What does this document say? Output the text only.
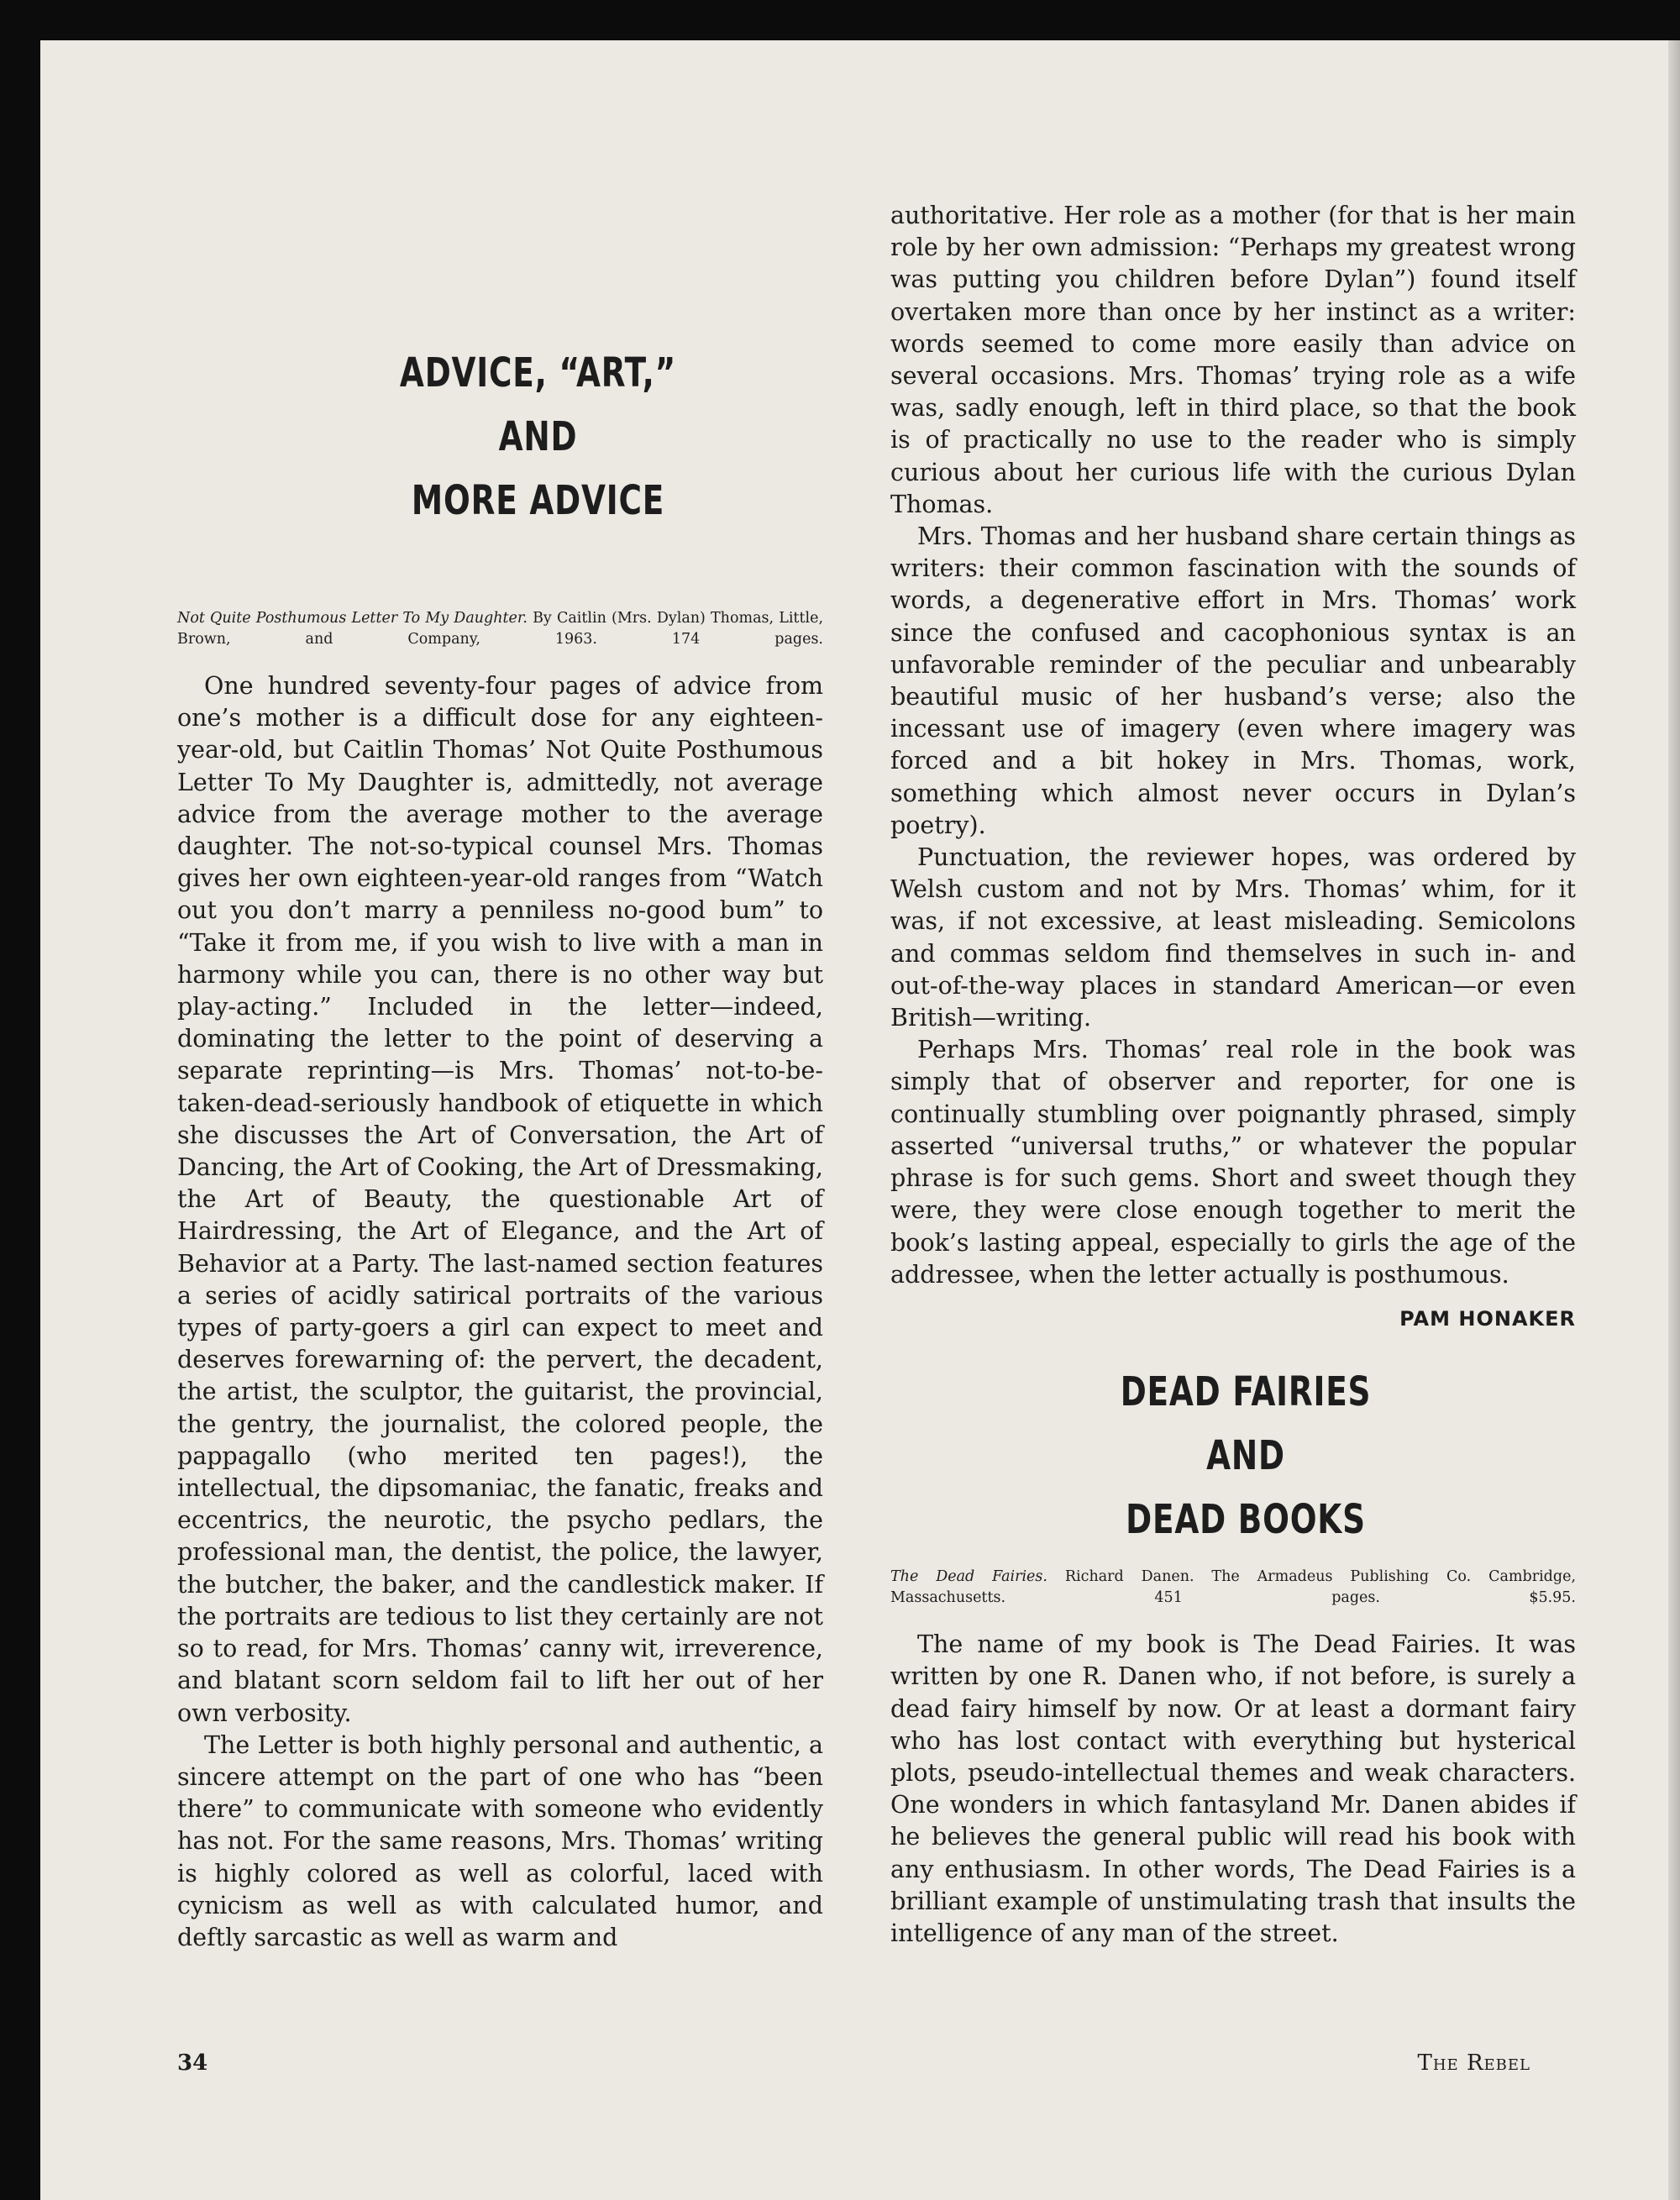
ADVICE, “ART,”
AND
MORE ADVICE
Not Quite Posthumous Letter To My Daughter. By Caitlin (Mrs. Dylan) Thomas, Little, Brown, and Company, 1963. 174 pages.

One hundred seventy-four pages of advice from one’s mother is a difficult dose for any eighteen-year-old, but Caitlin Thomas’ Not Quite Posthumous Letter To My Daughter is, admittedly, not average advice from the average mother to the average daughter. The not-so-typical counsel Mrs. Thomas gives her own eighteen-year-old ranges from “Watch out you don’t marry a penniless no-good bum” to “Take it from me, if you wish to live with a man in harmony while you can, there is no other way but play-acting.” Included in the letter—indeed, dominating the letter to the point of deserving a separate reprinting—is Mrs. Thomas’ not-to-be-taken-dead-seriously handbook of etiquette in which she discusses the Art of Conversation, the Art of Dancing, the Art of Cooking, the Art of Dressmaking, the Art of Beauty, the questionable Art of Hairdressing, the Art of Elegance, and the Art of Behavior at a Party. The last-named section features a series of acidly satirical portraits of the various types of party-goers a girl can expect to meet and deserves forewarning of: the pervert, the decadent, the artist, the sculptor, the guitarist, the provincial, the gentry, the journalist, the colored people, the pappagallo (who merited ten pages!), the intellectual, the dipsomaniac, the fanatic, freaks and eccentrics, the neurotic, the psycho pedlars, the professional man, the dentist, the police, the lawyer, the butcher, the baker, and the candlestick maker. If the portraits are tedious to list they certainly are not so to read, for Mrs. Thomas’ canny wit, irreverence, and blatant scorn seldom fail to lift her out of her own verbosity.

The Letter is both highly personal and authentic, a sincere attempt on the part of one who has “been there” to communicate with someone who evidently has not. For the same reasons, Mrs. Thomas’ writing is highly colored as well as colorful, laced with cynicism as well as with calculated humor, and deftly sarcastic as well as warm and

authoritative. Her role as a mother (for that is her main role by her own admission: “Perhaps my greatest wrong was putting you children before Dylan”) found itself overtaken more than once by her instinct as a writer: words seemed to come more easily than advice on several occasions. Mrs. Thomas’ trying role as a wife was, sadly enough, left in third place, so that the book is of practically no use to the reader who is simply curious about her curious life with the curious Dylan Thomas.

Mrs. Thomas and her husband share certain things as writers: their common fascination with the sounds of words, a degenerative effort in Mrs. Thomas’ work since the confused and cacophonious syntax is an unfavorable reminder of the peculiar and unbearably beautiful music of her husband’s verse; also the incessant use of imagery (even where imagery was forced and a bit hokey in Mrs. Thomas, work, something which almost never occurs in Dylan’s poetry).

Punctuation, the reviewer hopes, was ordered by Welsh custom and not by Mrs. Thomas’ whim, for it was, if not excessive, at least misleading. Semicolons and commas seldom find themselves in such in- and out-of-the-way places in standard American—or even British—writing.

Perhaps Mrs. Thomas’ real role in the book was simply that of observer and reporter, for one is continually stumbling over poignantly phrased, simply asserted “universal truths,” or whatever the popular phrase is for such gems. Short and sweet though they were, they were close enough together to merit the book’s lasting appeal, especially to girls the age of the addressee, when the letter actually is posthumous.

PAM HONAKER
DEAD FAIRIES
AND
DEAD BOOKS
The Dead Fairies. Richard Danen. The Armadeus Publishing Co. Cambridge, Massachusetts. 451 pages. $5.95.

The name of my book is The Dead Fairies. It was written by one R. Danen who, if not before, is surely a dead fairy himself by now. Or at least a dormant fairy who has lost contact with everything but hysterical plots, pseudo-intellectual themes and weak characters. One wonders in which fantasyland Mr. Danen abides if he believes the general public will read his book with any enthusiasm. In other words, The Dead Fairies is a brilliant example of unstimulating trash that insults the intelligence of any man of the street.

34	The Rebel
